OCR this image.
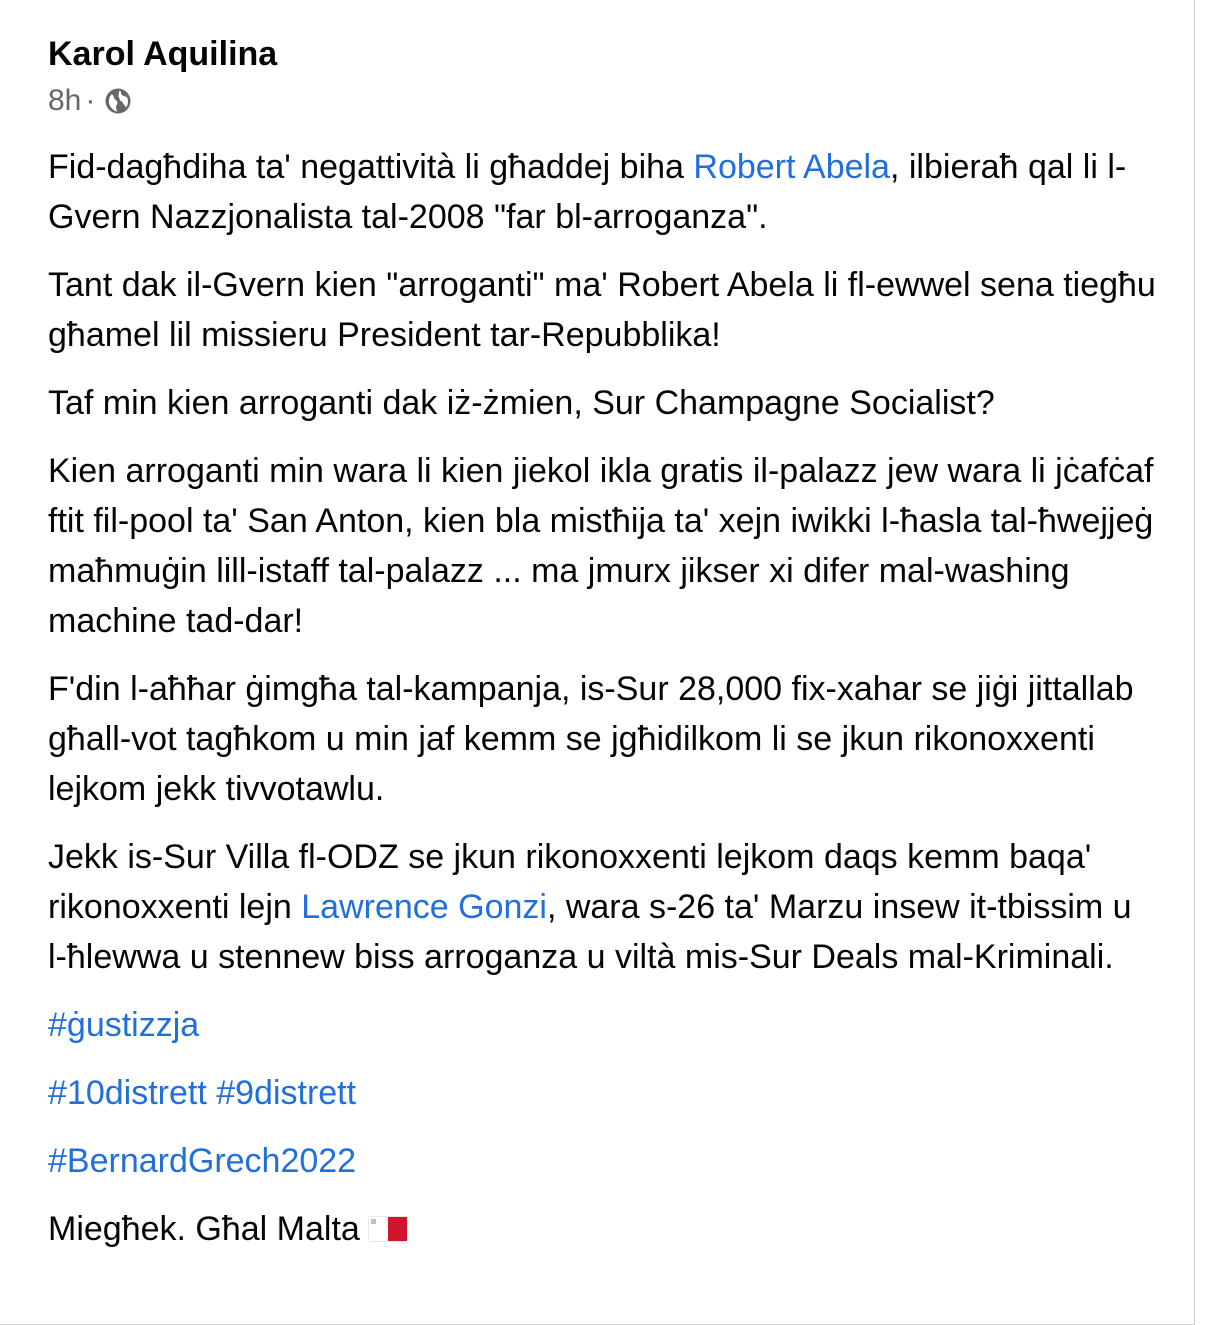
Karol Aquilina
8h ·

Fid-dagħdiha ta' negattività li għaddej biha Robert Abela, ilbieraħ qal li l-Gvern Nazzjonalista tal-2008 "far bl-arroganza".

Tant dak il-Gvern kien "arroganti" ma' Robert Abela li fl-ewwel sena tiegħu għamel lil missieru President tar-Repubblika!

Taf min kien arroganti dak iż-żmien, Sur Champagne Socialist?

Kien arroganti min wara li kien jiekol ikla gratis il-palazz jew wara li jċafċaf ftit fil-pool ta' San Anton, kien bla mistħija ta' xejn iwikki l-ħasla tal-ħwejjeġ maħmuġin lill-istaff tal-palazz ... ma jmurx jikser xi difer mal-washing machine tad-dar!

F'din l-aħħar ġimgħa tal-kampanja, is-Sur 28,000 fix-xahar se jiġi jittallab għall-vot tagħkom u min jaf kemm se jgħidilkom li se jkun rikonoxxenti lejkom jekk tivvotawlu.

Jekk is-Sur Villa fl-ODZ se jkun rikonoxxenti lejkom daqs kemm baqa' rikonoxxenti lejn Lawrence Gonzi, wara s-26 ta' Marzu insew it-tbissim u l-ħlewwa u stennew biss arroganza u viltà mis-Sur Deals mal-Kriminali.

#ġustizzja

#10distrett #9distrett

#BernardGrech2022

Miegħek. Għal Malta
